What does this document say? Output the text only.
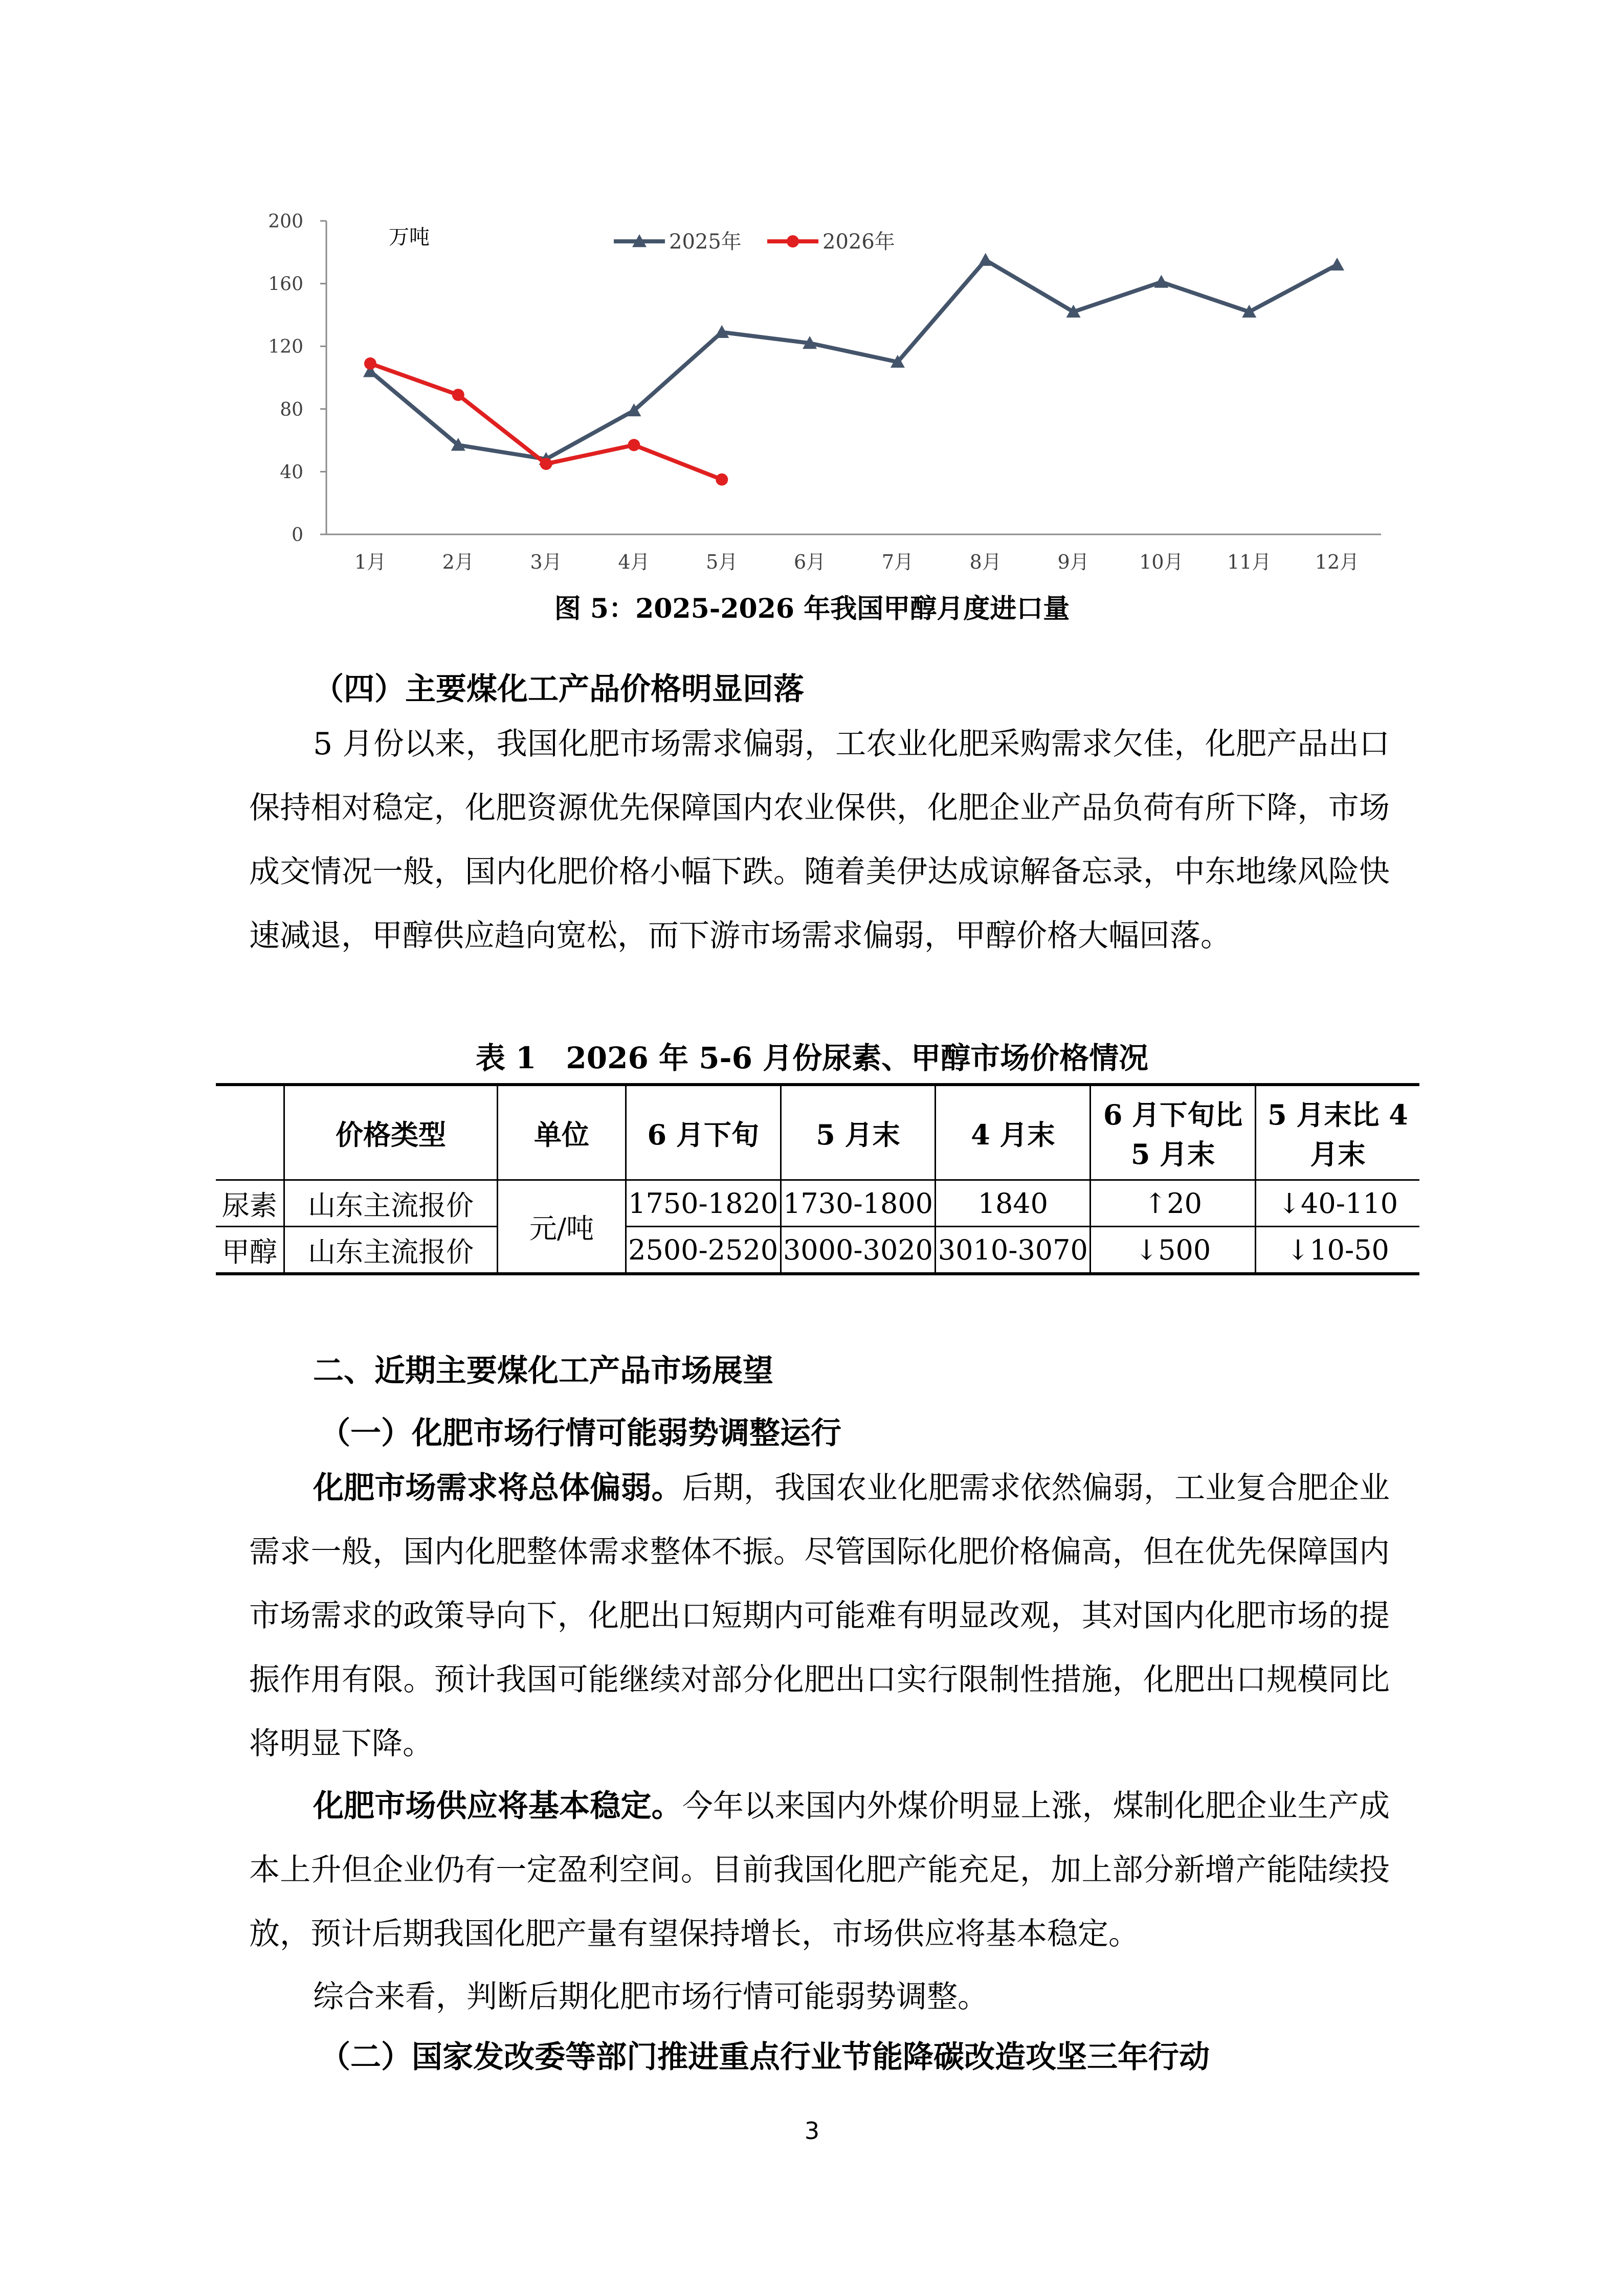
0
40
80
120
160
200
1月	2月	3月	4月	5月	6月	7月	8月	9月	10月 11月 12月
2025年	2026年
万吨
图 5：2025-2026 年我国甲醇月度进口量
（四）主要煤化工产品价格明显回落

5 月份以来，我国化肥市场需求偏弱，工农业化肥采购需求欠佳，化肥产品出口保持相对稳定，化肥资源优先保障国内农业保供，化肥企业产品负荷有所下降，市场成交情况一般，国内化肥价格小幅下跌。随着美伊达成谅解备忘录，中东地缘风险快速减退，甲醇供应趋向宽松，而下游市场需求偏弱，甲醇价格大幅回落。

表 1　2026 年 5-6 月份尿素、甲醇市场价格情况
	价格类型	单位	6 月下旬	5 月末	4 月末	6 月下旬比 5 月末	5 月末比 4 月末
尿素	山东主流报价	元/吨	1750-1820	1730-1800	1840	↑20	↓40-110
甲醇	山东主流报价		2500-2520	3000-3020	3010-3070	↓500	↓10-50
二、近期主要煤化工产品市场展望
（一）化肥市场行情可能弱势调整运行

化肥市场需求将总体偏弱。后期，我国农业化肥需求依然偏弱，工业复合肥企业需求一般，国内化肥整体需求整体不振。尽管国际化肥价格偏高，但在优先保障国内市场需求的政策导向下，化肥出口短期内可能难有明显改观，其对国内化肥市场的提振作用有限。预计我国可能继续对部分化肥出口实行限制性措施，化肥出口规模同比将明显下降。

化肥市场供应将基本稳定。今年以来国内外煤价明显上涨，煤制化肥企业生产成本上升但企业仍有一定盈利空间。目前我国化肥产能充足，加上部分新增产能陆续投放，预计后期我国化肥产量有望保持增长，市场供应将基本稳定。

综合来看，判断后期化肥市场行情可能弱势调整。

（二）国家发改委等部门推进重点行业节能降碳改造攻坚三年行动
3
